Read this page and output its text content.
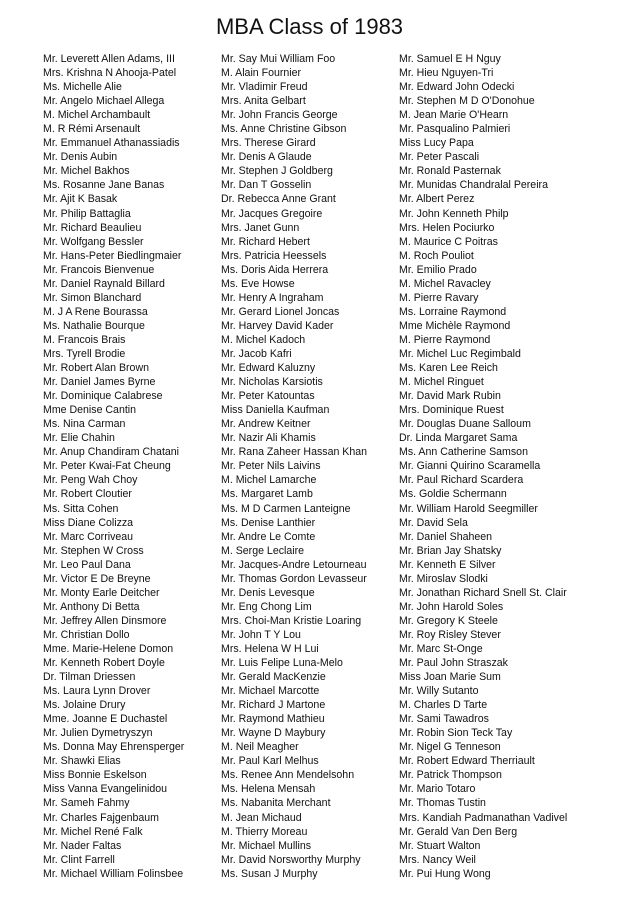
MBA Class of 1983
Mr. Leverett Allen Adams, III
Mrs. Krishna N Ahooja-Patel
Ms. Michelle Alie
Mr. Angelo Michael Allega
M. Michel Archambault
M. R Rémi Arsenault
Mr. Emmanuel Athanassiadis
Mr. Denis Aubin
Mr. Michel Bakhos
Ms. Rosanne Jane Banas
Mr. Ajit K Basak
Mr. Philip Battaglia
Mr. Richard Beaulieu
Mr. Wolfgang Bessler
Mr. Hans-Peter Biedlingmaier
Mr. Francois Bienvenue
Mr. Daniel Raynald Billard
Mr. Simon Blanchard
M. J A Rene Bourassa
Ms. Nathalie Bourque
M. Francois Brais
Mrs. Tyrell Brodie
Mr. Robert Alan Brown
Mr. Daniel James Byrne
Mr. Dominique Calabrese
Mme Denise Cantin
Ms. Nina Carman
Mr. Elie Chahin
Mr. Anup Chandiram Chatani
Mr. Peter Kwai-Fat Cheung
Mr. Peng Wah Choy
Mr. Robert Cloutier
Ms. Sitta Cohen
Miss Diane Colizza
Mr. Marc Corriveau
Mr. Stephen W Cross
Mr. Leo Paul Dana
Mr. Victor E De Breyne
Mr. Monty Earle Deitcher
Mr. Anthony Di Betta
Mr. Jeffrey Allen Dinsmore
Mr. Christian Dollo
Mme. Marie-Helene Domon
Mr. Kenneth Robert Doyle
Dr. Tilman Driessen
Ms. Laura Lynn Drover
Ms. Jolaine Drury
Mme. Joanne E Duchastel
Mr. Julien Dymetryszyn
Ms. Donna May Ehrensperger
Mr. Shawki Elias
Miss Bonnie Eskelson
Miss Vanna Evangelinidou
Mr. Sameh Fahmy
Mr. Charles Fajgenbaum
Mr. Michel René Falk
Mr. Nader Faltas
Mr. Clint Farrell
Mr. Michael William Folinsbee
Mr. Say Mui William Foo
M. Alain Fournier
Mr. Vladimir Freud
Mrs. Anita Gelbart
Mr. John Francis George
Ms. Anne Christine Gibson
Mrs. Therese Girard
Mr. Denis A Glaude
Mr. Stephen J Goldberg
Mr. Dan T Gosselin
Dr. Rebecca Anne Grant
Mr. Jacques Gregoire
Mrs. Janet Gunn
Mr. Richard Hebert
Mrs. Patricia Heessels
Ms. Doris Aida Herrera
Ms. Eve Howse
Mr. Henry A Ingraham
Mr. Gerard Lionel Joncas
Mr. Harvey David Kader
M. Michel Kadoch
Mr. Jacob Kafri
Mr. Edward Kaluzny
Mr. Nicholas Karsiotis
Mr. Peter Katountas
Miss Daniella Kaufman
Mr. Andrew Keitner
Mr. Nazir Ali Khamis
Mr. Rana Zaheer Hassan Khan
Mr. Peter Nils Laivins
M. Michel Lamarche
Ms. Margaret Lamb
Ms. M D Carmen Lanteigne
Ms. Denise Lanthier
Mr. Andre Le Comte
M. Serge Leclaire
Mr. Jacques-Andre Letourneau
Mr. Thomas Gordon Levasseur
Mr. Denis Levesque
Mr. Eng Chong Lim
Mrs. Choi-Man Kristie Loaring
Mr. John T Y Lou
Mrs. Helena W H Lui
Mr. Luis Felipe Luna-Melo
Mr. Gerald MacKenzie
Mr. Michael Marcotte
Mr. Richard J Martone
Mr. Raymond Mathieu
Mr. Wayne D Maybury
M. Neil Meagher
Mr. Paul Karl Melhus
Ms. Renee Ann Mendelsohn
Ms. Helena Mensah
Ms. Nabanita Merchant
M. Jean Michaud
M. Thierry Moreau
Mr. Michael Mullins
Mr. David Norsworthy Murphy
Ms. Susan J Murphy
Mr. Samuel E H Nguy
Mr. Hieu Nguyen-Tri
Mr. Edward John Odecki
Mr. Stephen M D O'Donohue
M. Jean Marie O'Hearn
Mr. Pasqualino Palmieri
Miss Lucy Papa
Mr. Peter Pascali
Mr. Ronald Pasternak
Mr. Munidas Chandralal Pereira
Mr. Albert Perez
Mr. John Kenneth Philp
Mrs. Helen Pociurko
M. Maurice C Poitras
M. Roch Pouliot
Mr. Emilio Prado
M. Michel Ravacley
M. Pierre Ravary
Ms. Lorraine Raymond
Mme Michèle Raymond
M. Pierre Raymond
Mr. Michel Luc Regimbald
Ms. Karen Lee Reich
M. Michel Ringuet
Mr. David Mark Rubin
Mrs. Dominique Ruest
Mr. Douglas Duane Salloum
Dr. Linda Margaret Sama
Ms. Ann Catherine Samson
Mr. Gianni Quirino Scaramella
Mr. Paul Richard Scardera
Ms. Goldie Schermann
Mr. William Harold Seegmiller
Mr. David Sela
Mr. Daniel Shaheen
Mr. Brian Jay Shatsky
Mr. Kenneth E Silver
Mr. Miroslav Slodki
Mr. Jonathan Richard Snell St. Clair
Mr. John Harold Soles
Mr. Gregory K Steele
Mr. Roy Risley Stever
Mr. Marc St-Onge
Mr. Paul John Straszak
Miss Joan Marie Sum
Mr. Willy Sutanto
M. Charles D Tarte
Mr. Sami Tawadros
Mr. Robin Sion Teck Tay
Mr. Nigel G Tenneson
Mr. Robert Edward Therriault
Mr. Patrick Thompson
Mr. Mario Totaro
Mr. Thomas Tustin
Mrs. Kandiah Padmanathan Vadivel
Mr. Gerald Van Den Berg
Mr. Stuart Walton
Mrs. Nancy Weil
Mr. Pui Hung Wong
